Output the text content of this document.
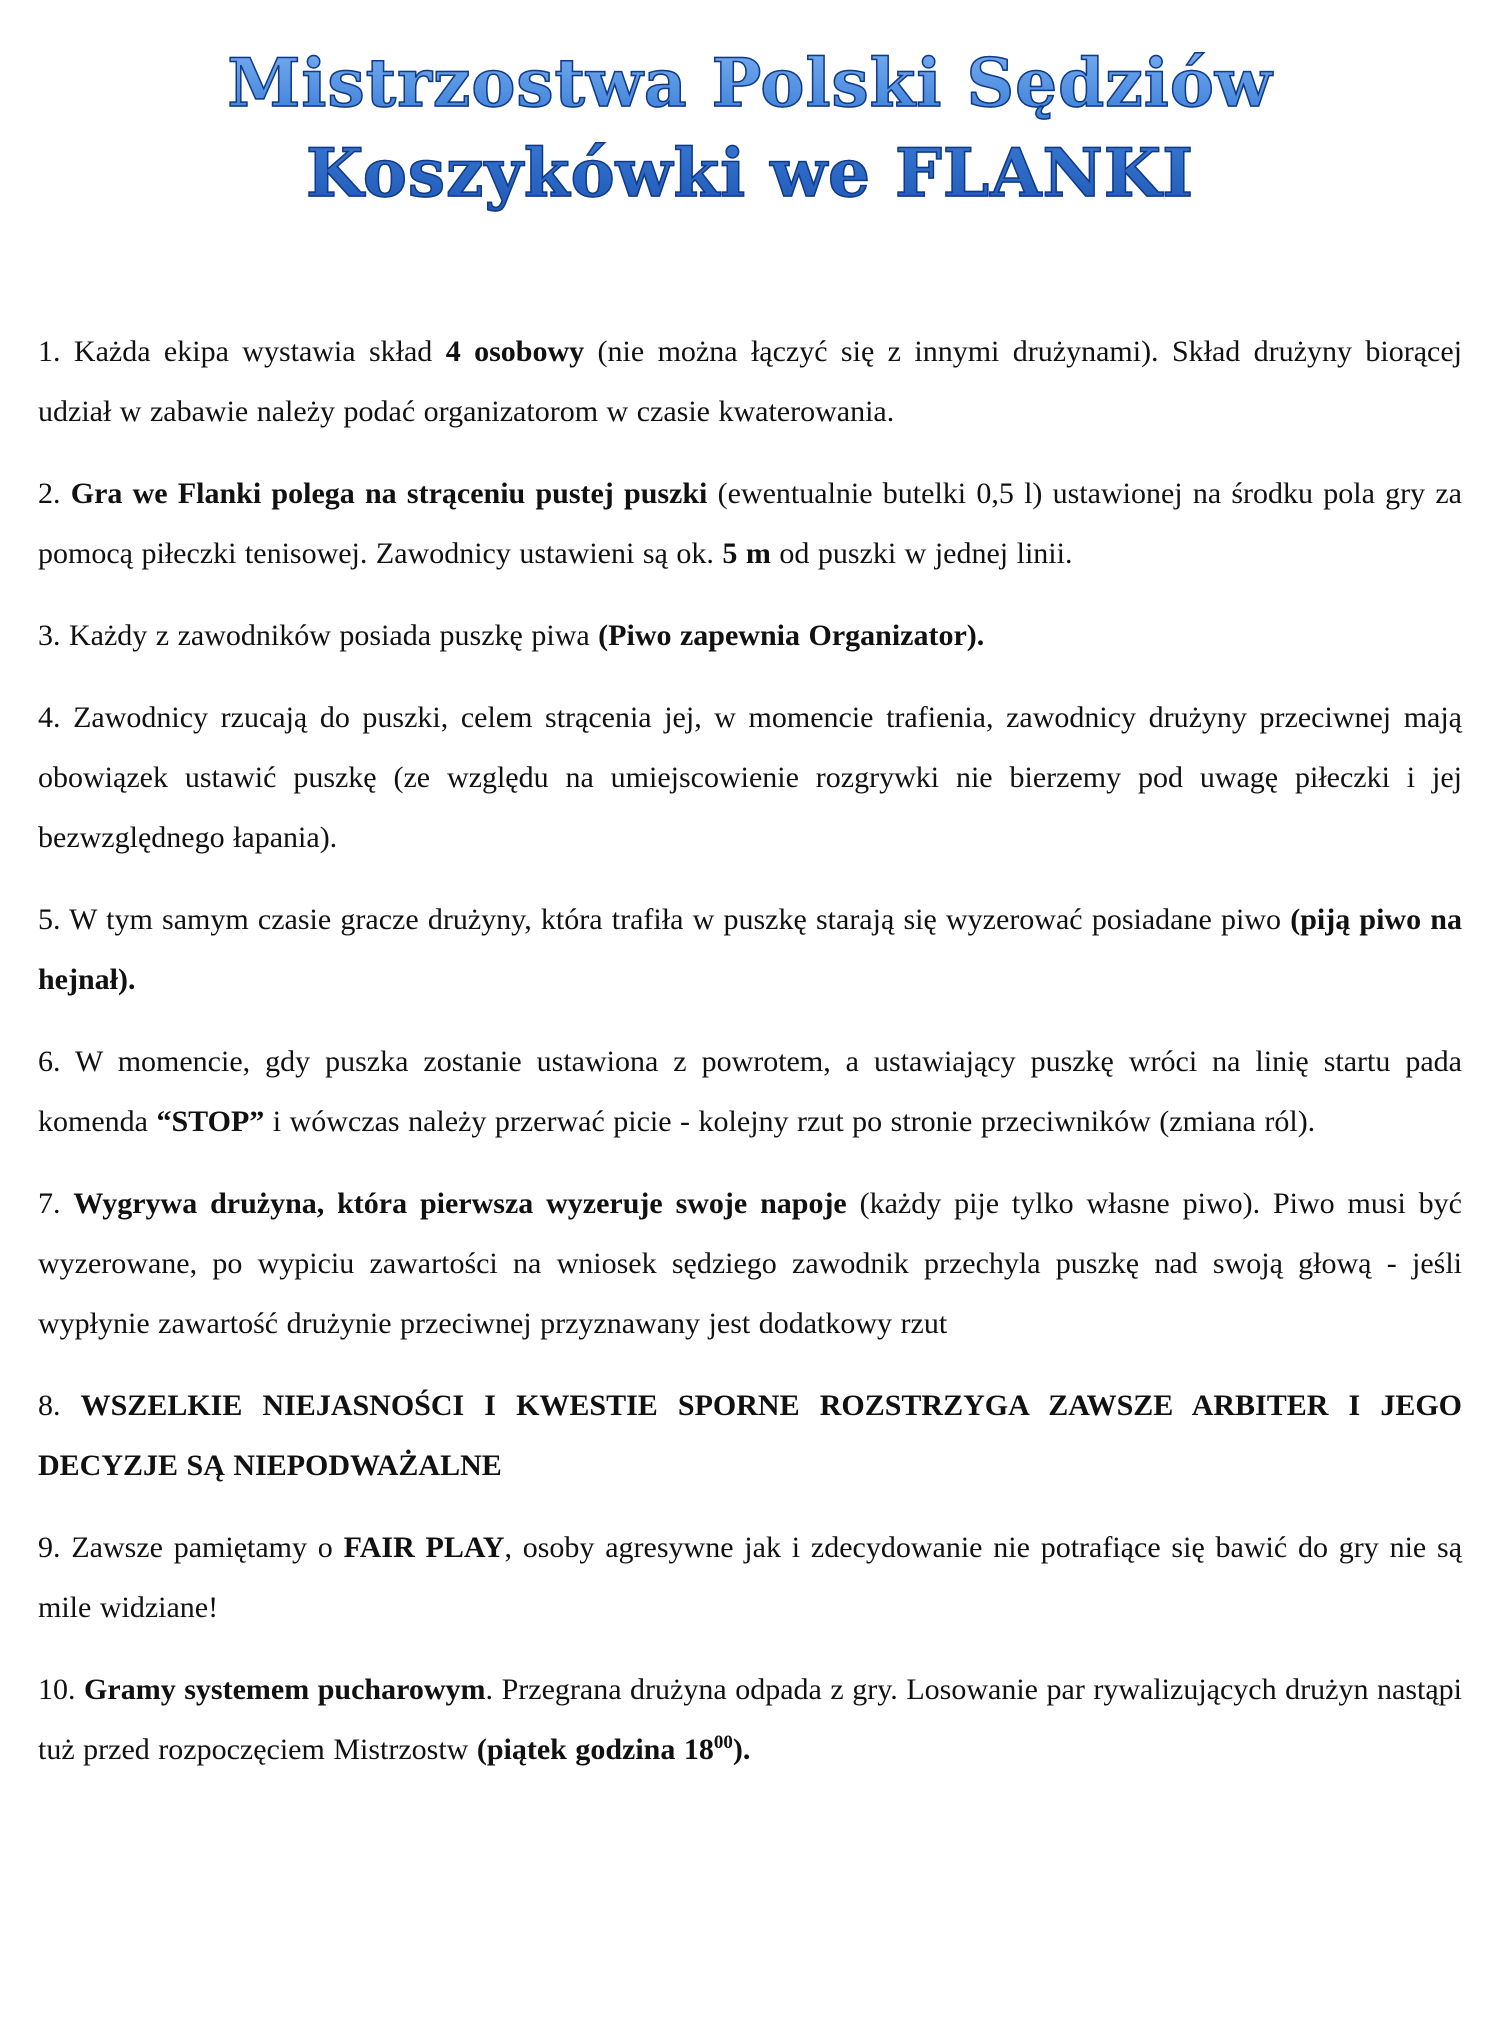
Mistrzostwa Polski Sędziów
Koszykówki we FLANKI
1. Każda ekipa wystawia skład 4 osobowy (nie można łączyć się z innymi drużynami). Skład drużyny biorącej udział w zabawie należy podać organizatorom w czasie kwaterowania.
2. Gra we Flanki polega na strąceniu pustej puszki (ewentualnie butelki 0,5 l) ustawionej na środku pola gry za pomocą piłeczki tenisowej. Zawodnicy ustawieni są ok. 5 m od puszki w jednej linii.
3. Każdy z zawodników posiada puszkę piwa (Piwo zapewnia Organizator).
4. Zawodnicy rzucają do puszki, celem strącenia jej, w momencie trafienia, zawodnicy drużyny przeciwnej mają obowiązek ustawić puszkę (ze względu na umiejscowienie rozgrywki nie bierzemy pod uwagę piłeczki i jej bezwzględnego łapania).
5. W tym samym czasie gracze drużyny, która trafiła w puszkę starają się wyzerować posiadane piwo (piją piwo na hejnał).
6. W momencie, gdy puszka zostanie ustawiona z powrotem, a ustawiający puszkę wróci na linię startu pada komenda “STOP” i wówczas należy przerwać picie - kolejny rzut po stronie przeciwników (zmiana ról).
7. Wygrywa drużyna, która pierwsza wyzeruje swoje napoje (każdy pije tylko własne piwo). Piwo musi być wyzerowane, po wypiciu zawartości na wniosek sędziego zawodnik przechyla puszkę nad swoją głową - jeśli wypłynie zawartość drużynie przeciwnej przyznawany jest dodatkowy rzut
8. WSZELKIE NIEJASNOŚCI I KWESTIE SPORNE ROZSTRZYGA ZAWSZE ARBITER I JEGO DECYZJE SĄ NIEPODWAŻALNE
9. Zawsze pamiętamy o FAIR PLAY, osoby agresywne jak i zdecydowanie nie potrafiące się bawić do gry nie są mile widziane!
10. Gramy systemem pucharowym. Przegrana drużyna odpada z gry. Losowanie par rywalizujących drużyn nastąpi tuż przed rozpoczęciem Mistrzostw (piątek godzina $18^{00}$).
